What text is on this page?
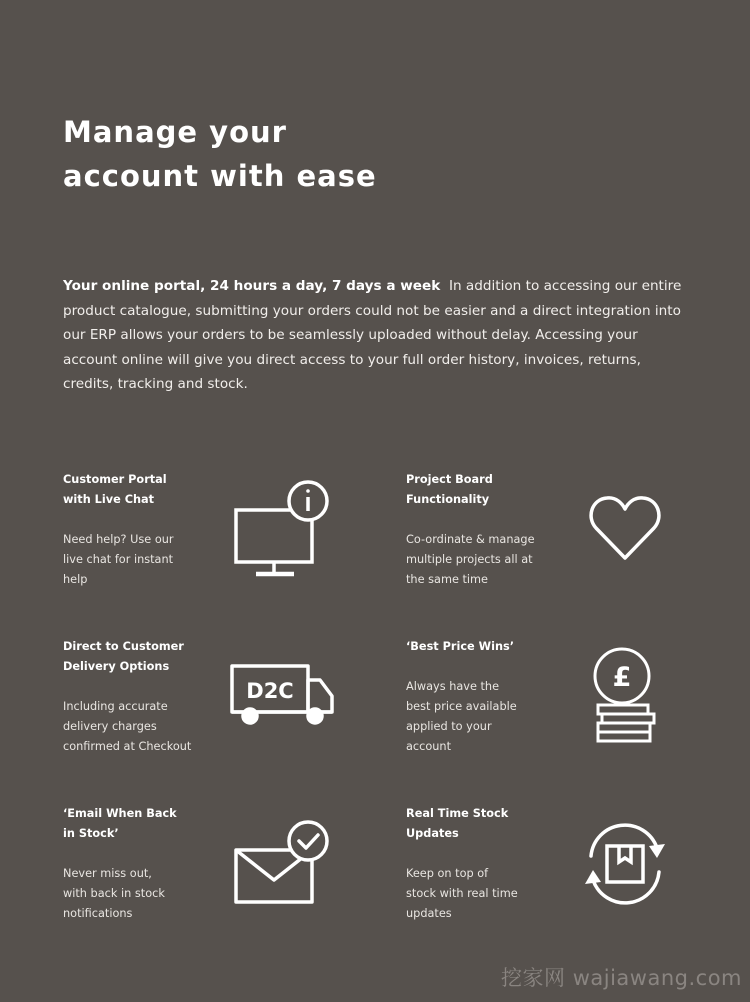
Manage your
account with ease

Your online portal, 24 hours a day, 7 days a week In addition to accessing our entire product catalogue, submitting your orders could not be easier and a direct integration into our ERP allows your orders to be seamlessly uploaded without delay. Accessing your account online will give you direct access to your full order history, invoices, returns, credits, tracking and stock.

Customer Portal
with Live Chat

Need help? Use our
live chat for instant
help

Project Board
Functionality

Co-ordinate & manage
multiple projects all at
the same time

Direct to Customer
Delivery Options

Including accurate
delivery charges
confirmed at Checkout

D2C
‘Best Price Wins’

Always have the
best price available
applied to your
account

£
‘Email When Back
in Stock’

Never miss out,
with back in stock
notifications

Real Time Stock
Updates

Keep on top of
stock with real time
updates

挖家网 wajiawang.com
